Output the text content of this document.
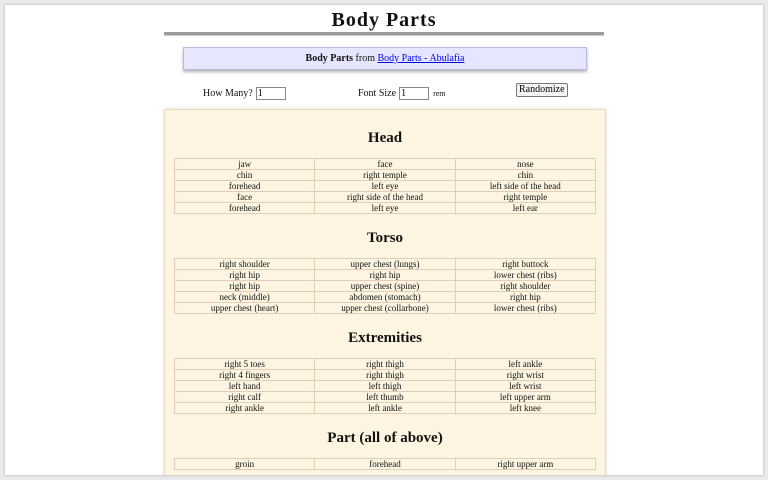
Body Parts
Body Parts from Body Parts - Abulafia
How Many?
1	Font Size
1	rem	Randomize
Head
jaw	face	nose
chin	right temple	chin
forehead	left eye	left side of the head
face	right side of the head	right temple
forehead	left eye	left ear
Torso
right shoulder	upper chest (lungs)	right buttock
right hip	right hip	lower chest (ribs)
right hip	upper chest (spine)	right shoulder
neck (middle)	abdomen (stomach)	right hip
upper chest (heart)	upper chest (collarbone)	lower chest (ribs)
Extremities
right 5 toes	right thigh	left ankle
right 4 fingers	right thigh	right wrist
left hand	left thigh	left wrist
right calf	left thumb	left upper arm
right ankle	left ankle	left knee
Part (all of above)
groin	forehead	right upper arm
